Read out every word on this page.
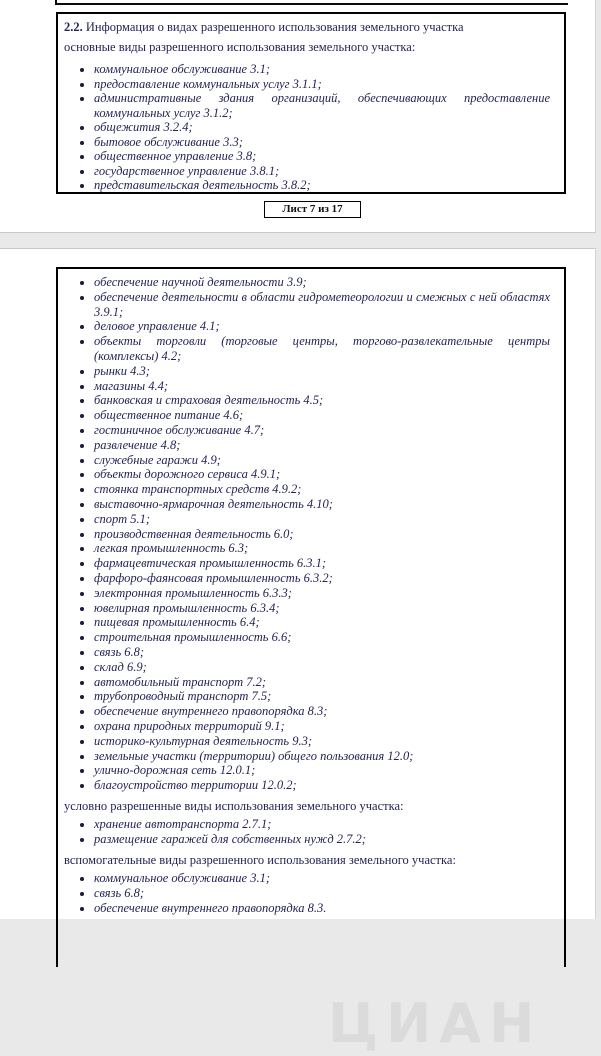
2.2. Информация о видах разрешенного использования земельного участка

основные виды разрешенного использования земельного участка:

• коммунальное обслуживание 3.1;
• предоставление коммунальных услуг 3.1.1;
• административные здания организаций, обеспечивающих предоставление коммунальных услуг 3.1.2;
• общежития 3.2.4;
• бытовое обслуживание 3.3;
• общественное управление 3.8;
• государственное управление 3.8.1;
• представительская деятельность 3.8.2;
Лист 7 из 17
• обеспечение научной деятельности 3.9;
• обеспечение деятельности в области гидрометеорологии и смежных с ней областях 3.9.1;
• деловое управление 4.1;
• объекты торговли (торговые центры, торгово-развлекательные центры (комплексы) 4.2;
• рынки 4.3;
• магазины 4.4;
• банковская и страховая деятельность 4.5;
• общественное питание 4.6;
• гостиничное обслуживание 4.7;
• развлечение 4.8;
• служебные гаражи 4.9;
• объекты дорожного сервиса 4.9.1;
• стоянка транспортных средств 4.9.2;
• выставочно-ярмарочная деятельность 4.10;
• спорт 5.1;
• производственная деятельность 6.0;
• легкая промышленность 6.3;
• фармацевтическая промышленность 6.3.1;
• фарфоро-фаянсовая промышленность 6.3.2;
• электронная промышленность 6.3.3;
• ювелирная промышленность 6.3.4;
• пищевая промышленность 6.4;
• строительная промышленность 6.6;
• связь 6.8;
• склад 6.9;
• автомобильный транспорт 7.2;
• трубопроводный транспорт 7.5;
• обеспечение внутреннего правопорядка 8.3;
• охрана природных территорий 9.1;
• историко-культурная деятельность 9.3;
• земельные участки (территории) общего пользования 12.0;
• улично-дорожная сеть 12.0.1;
• благоустройство территории 12.0.2;

условно разрешенные виды использования земельного участка:

• хранение автотранспорта 2.7.1;
• размещение гаражей для собственных нужд 2.7.2;

вспомогательные виды разрешенного использования земельного участка:

• коммунальное обслуживание 3.1;
• связь 6.8;
• обеспечение внутреннего правопорядка 8.3.
ЦИАН
